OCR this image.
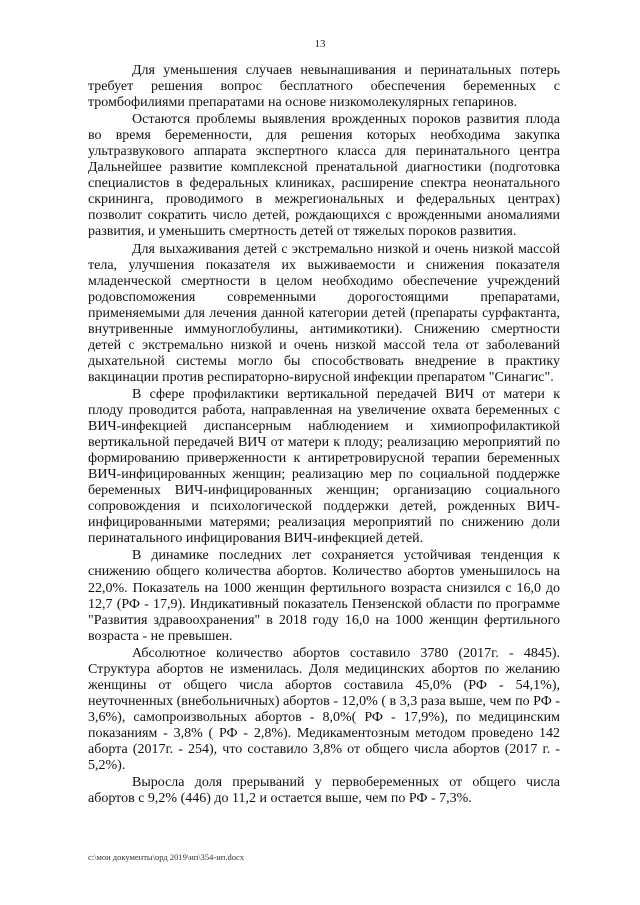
13

Для уменьшения случаев невынашивания и перинатальных потерь требует решения вопрос бесплатного обеспечения беременных с тромбофилиями препаратами на основе низкомолекулярных гепаринов.

Остаются проблемы выявления врожденных пороков развития плода во время беременности, для решения которых необходима закупка ультразвукового аппарата экспертного класса для перинатального центра Дальнейшее развитие комплексной пренатальной диагностики (подготовка специалистов в федеральных клиниках, расширение спектра неонатального скрининга, проводимого в межрегиональных и федеральных центрах) позволит сократить число детей, рождающихся с врожденными аномалиями развития, и уменьшить смертность детей от тяжелых пороков развития.

Для выхаживания детей с экстремально низкой и очень низкой массой тела, улучшения показателя их выживаемости и снижения показателя младенческой смертности в целом необходимо обеспечение учреждений родовспоможения современными дорогостоящими препаратами, применяемыми для лечения данной категории детей (препараты сурфактанта, внутривенные иммуноглобулины, антимикотики). Снижению смертности детей с экстремально низкой и очень низкой массой тела от заболеваний дыхательной системы могло бы способствовать внедрение в практику вакцинации против респираторно-вирусной инфекции препаратом "Синагис".

В сфере профилактики вертикальной передачей ВИЧ от матери к плоду проводится работа, направленная на увеличение охвата беременных с ВИЧ-инфекцией диспансерным наблюдением и химиопрофилактикой вертикальной передачей ВИЧ от матери к плоду; реализацию мероприятий по формированию приверженности к антиретровирусной терапии беременных ВИЧ-инфицированных женщин; реализацию мер по социальной поддержке беременных ВИЧ-инфицированных женщин; организацию социального сопровождения и психологической поддержки детей, рожденных ВИЧ-инфицированными матерями; реализация мероприятий по снижению доли перинатального инфицирования ВИЧ-инфекцией детей.

В динамике последних лет сохраняется устойчивая тенденция к снижению общего количества абортов. Количество абортов уменьшилось на 22,0%. Показатель на 1000 женщин фертильного возраста снизился с 16,0 до 12,7 (РФ - 17,9). Индикативный показатель Пензенской области по программе "Развития здравоохранения" в 2018 году 16,0 на 1000 женщин фертильного возраста - не превышен.

Абсолютное количество абортов составило 3780 (2017г. - 4845). Структура абортов не изменилась. Доля медицинских абортов по желанию женщины от общего числа абортов составила 45,0% (РФ - 54,1%), неуточненных (внебольничных) абортов - 12,0% ( в 3,3 раза выше, чем по РФ - 3,6%), самопроизвольных абортов - 8,0%( РФ - 17,9%), по медицинским показаниям - 3,8% ( РФ - 2,8%). Медикаментозным методом проведено 142 аборта (2017г. - 254), что составило 3,8% от общего числа абортов (2017 г. - 5,2%).

Выросла доля прерываний у первобеременных от общего числа абортов с 9,2% (446) до 11,2 и остается выше, чем по РФ - 7,3%.

c:\мои документы\орд 2019\ип\354-ип.docx
